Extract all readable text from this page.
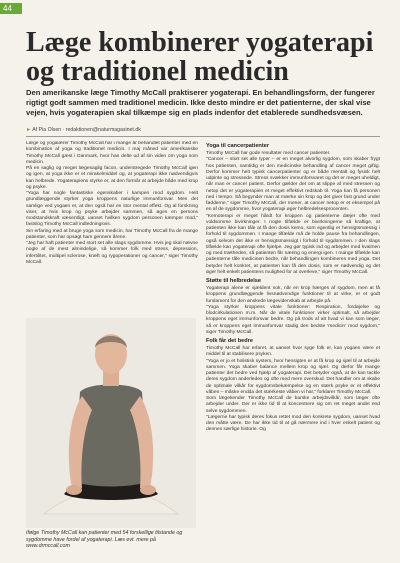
44
Læge kombinerer yogaterapi og traditionel medicin

Den amerikanske læge Timothy McCall praktiserer yogaterapi. En behandlingsform, der fungerer rigtigt godt sammen med traditionel medicin. Ikke desto mindre er det patienterne, der skal vise vejen, hvis yogaterapien skal tilkæmpe sig en plads indenfor det etablerede sundhedsvæsen.

► Af Pia Olsen · redaktionen@naturmagasinet.dk

Læge og yogalærer Timothy McCall har i mange år behandlet patienter med en kombination af yoga og traditionel medicin. I maj måned var amerikanske Timothy McCall gæst i Danmark, hvor han delte ud af sin viden om yoga som medicin.

På en saglig og meget lægesaglig facon, understregede Timothy McCall igen og igen, at yoga ikke er et mirakelmiddel og, at yogaterapi ikke nødvendigvis kan helbrede. Yogaterapiens styrke er, at den formår at arbejde både med krop og psyke.

"Yoga har nogle fantastiske egenskaber i kampen mod sygdom. Helt grundlæggende styrker yoga kroppens naturlige immunforsvar. Men det samlige ved yogaen er, at den også har en stor mental effekt. Og al forskning viser, at hvis krop og psyke arbejder sammen, så øges en persons modstandskraft væsentligt, uanset hvilken sygdom personen kæmper mod," fastslog Timothy McCall indledningsvis.

Sin erfaring med at bruge yoga som medicin, har Timothy McCall fra de mange patienter, som har opsøgt ham gennem årene.

"Jeg har haft patienter med stort set alle slags sygdomme. Hvis jeg skal nævne nogle af de mest almindelige, så kommer folk med stress, depression, infertilitet, multipel sclerose, kræft og rygoperationer og cancer," siger Timothy McCall.

Ifølge Timothy McCall kan patienter med 54 forskellige tilstande og sygdomme have fordel af yogaterapi. Læs evt. mere på www.drmccall.com
Yoga til cancerpatienter

Timothy McCall har gode resultater med cancer patienter.
"Cancer – stort set alle typer – er en meget alvorlig sygdom, som skaber frygt hos patienten, samtidig er den medicinske behandling af cancer meget giftig. Derfor kommer helt typisk cancerpatienter og er både mentalt og fysisk helt udpinte og stressede. Stress svækker immunforsvaret og det er meget uheldigt, når man er cancer patient. Derfor gælder det om at slippe af med stressen og netop det er yogaterapien et meget effektivt redskab til. Yoga kan få personen ned i tempo. Så begynder man at mærke sin krop og det giver fast grund under fødderne," siger Timothy McCall, der mener, at cancer netop er et eksempel på en af de sygdomme, hvor yogaterapi øger helbredelsesprocenten.
"Kemoterapi er meget hårdt for kroppen og patienterne dæjer ofte med voldsomme bivirkninger. I nogle tilfælde er bivirkningerne så kraftige, at patienten ikke kan tåle at få den dosis kemo, som egentlig er hensigtsmæssig i forhold til sygdommen. I mange tilfælde må de holde pause fra behandlingen, også selvom det ikke er hensigtsmæssigt i forhold til sygdommen. I den slags tilfælde kan yogaterapi ofte hjælpe. Jeg gør typisk ind og arbejder med kvalmen og med trætheden, så patienten får næring og energi igen. I mange tilfælde kan patienterne tåle medicinen bedre, når behandlingen kombineres med yoga. Det betyder helt konkret, at patienten kan få den dosis, som er nødvendig og det øger helt enkelt patientens mulighed for at overleve," siger Timothy McCall.

Støtte til helbredelse

Yogaterapi alene er sjældent nok, når en krop hærges af sygdom, men at få kroppens grundlæggende livsnødvendige funktioner til at virke, er et godt fundament for den ønskede lægevidenskab at arbejde på.
"Yoga styrker kroppens vitale funktioner: Respiration, fordøjelse og blodcirkulationen m.m. Når de vitale funktioner virker optimalt, så arbejder kroppens eget immunforsvar bedre. Og på trods af alt hvad vi kan som læger, så er kroppens eget immunforsvar stadig den bedste 'medicin' mod sygdom," siger Timothy McCall.

Folk får det bedre

Timothy McCall har erfaret, at uanset hvor syge folk er, kan yogaen være et middel til at stabilisere psyken.
"Yoga er jo et holistisk system, hvor hensigten er at få krop og sjæl til at arbejde sammen. Yoga skaber balance mellem krop og sjæl. Og derfor får mange patienter det bedre ved hjælp af yogaterapi. Det betyder også, at de kan tackle deres sygdom anderledes og ofte med mere overskud. Det handler om at skabe de optimale vilkår for sygdomsbekæmpelse og en stærk psyke er et effektivt våben – måske endda det stærkeste våben vi har," forklarer Timothy McCall.
Som lægekender Timothy McCall de barske arbejdsvilkår, som læger ofte arbejder under. Der er ikke tid til at koncentrere sig om ret meget andet end selve sygdommen.
"Lægerne har typisk deres fokus rettet mod den konkrete sygdom, uanset hvad den måtte være. De har ikke tid til at gå nærmere ind i hver enkelt patient og dennes særlige historie. Og
